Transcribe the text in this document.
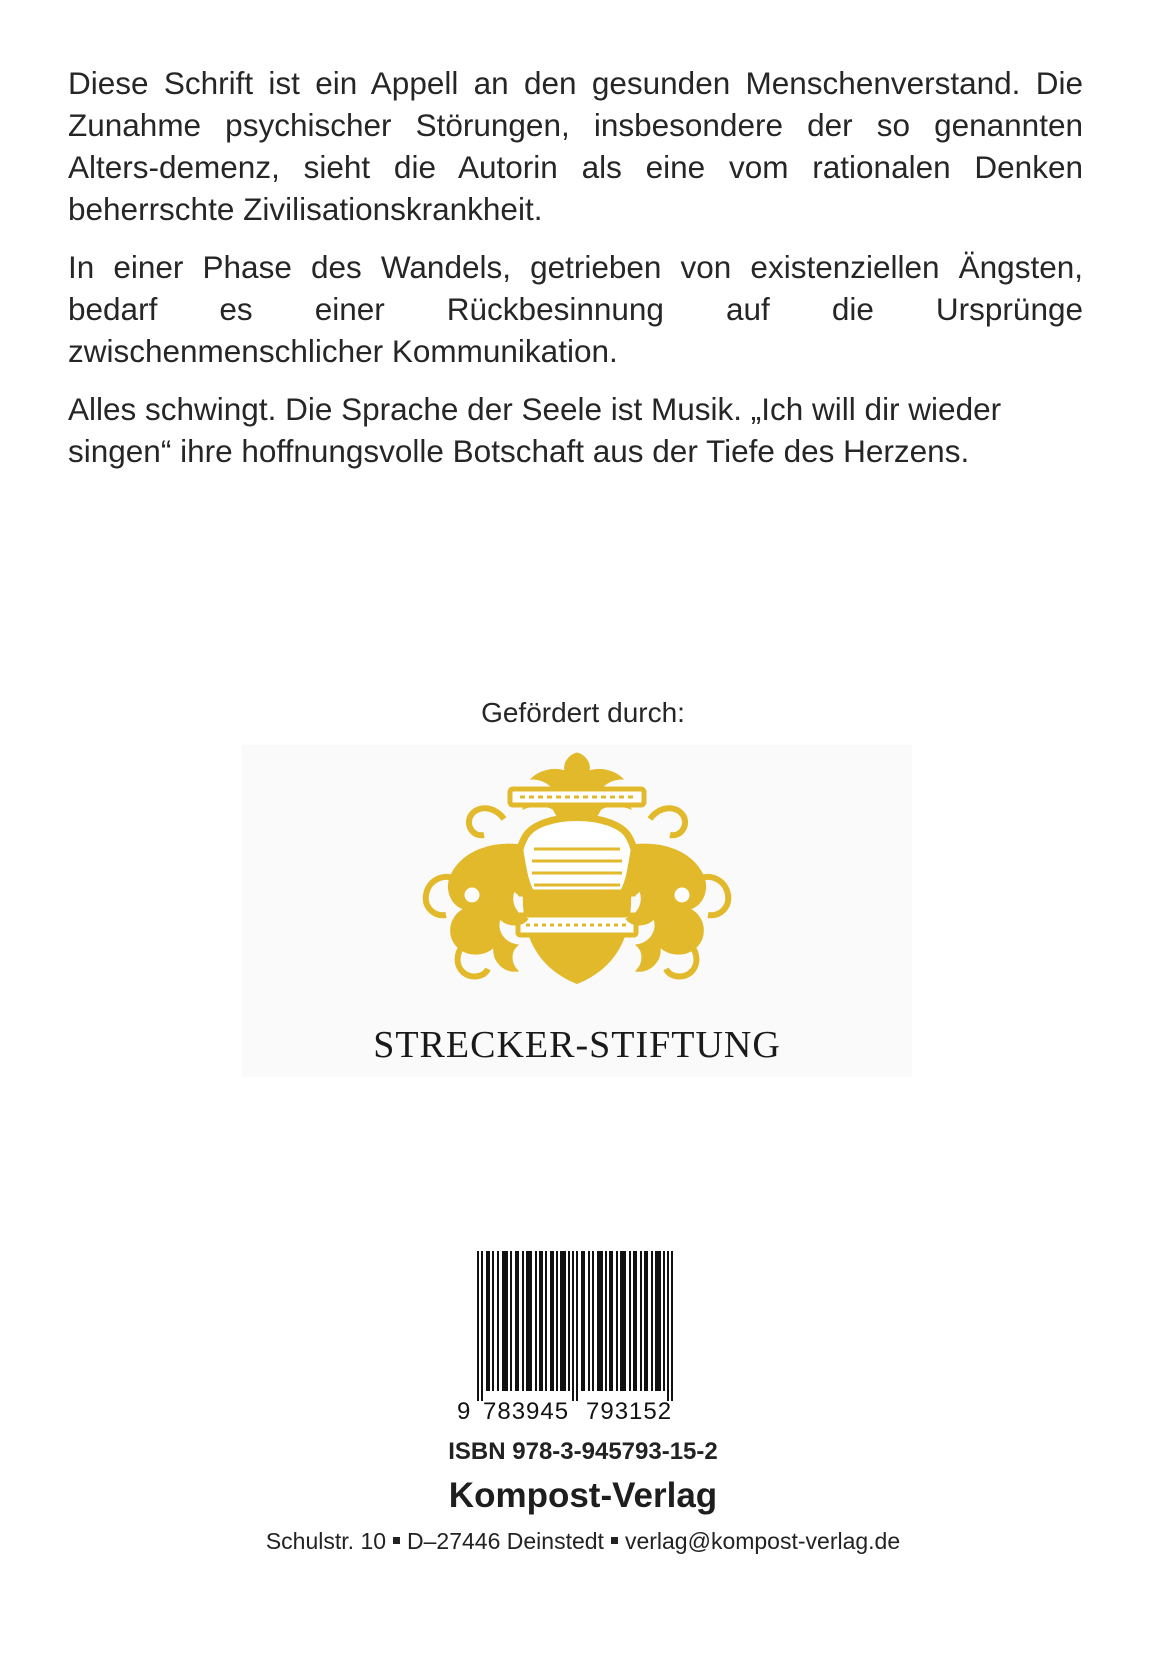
Diese Schrift ist ein Appell an den gesunden Menschenverstand. Die Zunahme psychischer Störungen, insbesondere der so genannten Alters-demenz, sieht die Autorin als eine vom rationalen Denken beherrschte Zivilisationskrankheit.

In einer Phase des Wandels, getrieben von existenziellen Ängsten, bedarf es einer Rückbesinnung auf die Ursprünge zwischenmenschlicher Kommunikation.

Alles schwingt. Die Sprache der Seele ist Musik. „Ich will dir wieder singen“ ihre hoffnungsvolle Botschaft aus der Tiefe des Herzens.

Gefördert durch:
STRECKER-STIFTUNG
9 783945 793152
ISBN 978-3-945793-15-2
Kompost-Verlag
Schulstr. 10 D–27446 Deinstedt verlag@kompost-verlag.de
